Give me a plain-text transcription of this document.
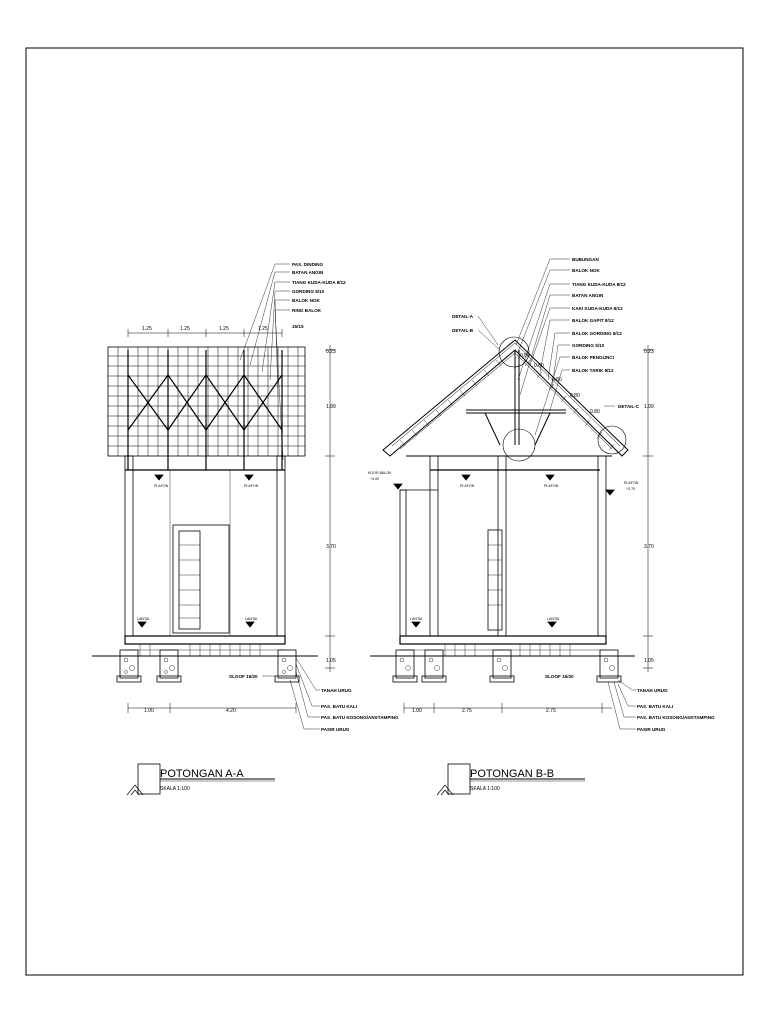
PAS. DINDING
BATAN ANGIN
TIANG KUDA-KUDA 8/12
GORDING 5/10
BALOK NOK
RING BALOK
15/15
1.25	1.25	1.25	1.25
0.23
1.99
3.70
1.05
PLAFON	PLAFON
LANTAI	LANTAI
SLOOF 15/20
TANAH URUG
PAS. BATU KALI
PAS. BATU KOSONG/ANSTAMPING
PASIR URUG
1.00	4.20
POTONGAN A-A
SKALA 1:100
BUBUNGAN
BALOK NOK
TIANG KUDA-KUDA 8/12
BATAN ANGIN
KAKI KUDA-KUDA 8/12
BALOK GAPIT 8/12
BALOK GORDING 8/12
GORDING 5/10
BALOK PENGUNCI
BALOK TARIK 8/12
DETAIL-A
DETAIL-B
DETAIL-C
0.80
0.80
0.80
0.80
0.80
0.23
1.99
3.70
1.05
KOOR BALOK
+4.00
PLAFON
+3.70
PLAFON	PLAFON
LANTAI	LANTAI
SLOOF 15/20
TANAH URUG
PAS. BATU KALI
PAS. BATU KOSONG/ANSTAMPING
PASIR URUG
1.00	2.75	2.75
POTONGAN B-B
SKALA 1:100
